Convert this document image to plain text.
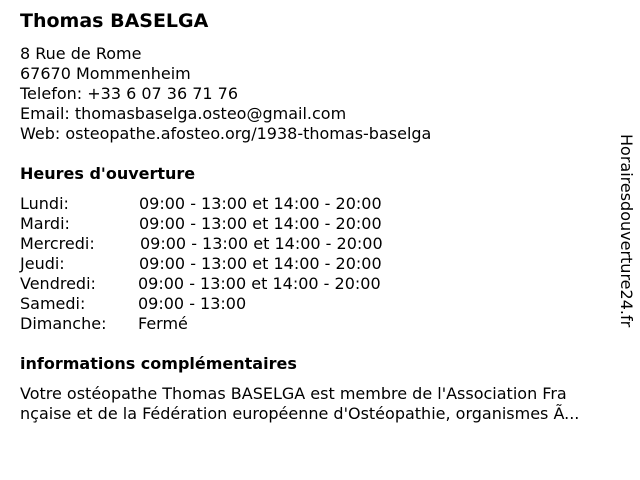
Thomas BASELGA
8 Rue de Rome
67670 Mommenheim
Telefon: +33 6 07 36 71 76
Email: thomasbaselga.osteo@gmail.com
Web: osteopathe.afosteo.org/1938-thomas-baselga
Heures d'ouverture
Lundi:	09:00 - 13:00 et 14:00 - 20:00
Mardi:	09:00 - 13:00 et 14:00 - 20:00
Mercredi:	09:00 - 13:00 et 14:00 - 20:00
Jeudi:	09:00 - 13:00 et 14:00 - 20:00
Vendredi:	09:00 - 13:00 et 14:00 - 20:00
Samedi:	09:00 - 13:00
Dimanche: Fermé
informations complémentaires
Votre ostéopathe Thomas BASELGA est membre de l'Association Fra
nçaise et de la Fédération européenne d'Ostéopathie, organismes Ã...
Horairesdouverture24.fr
